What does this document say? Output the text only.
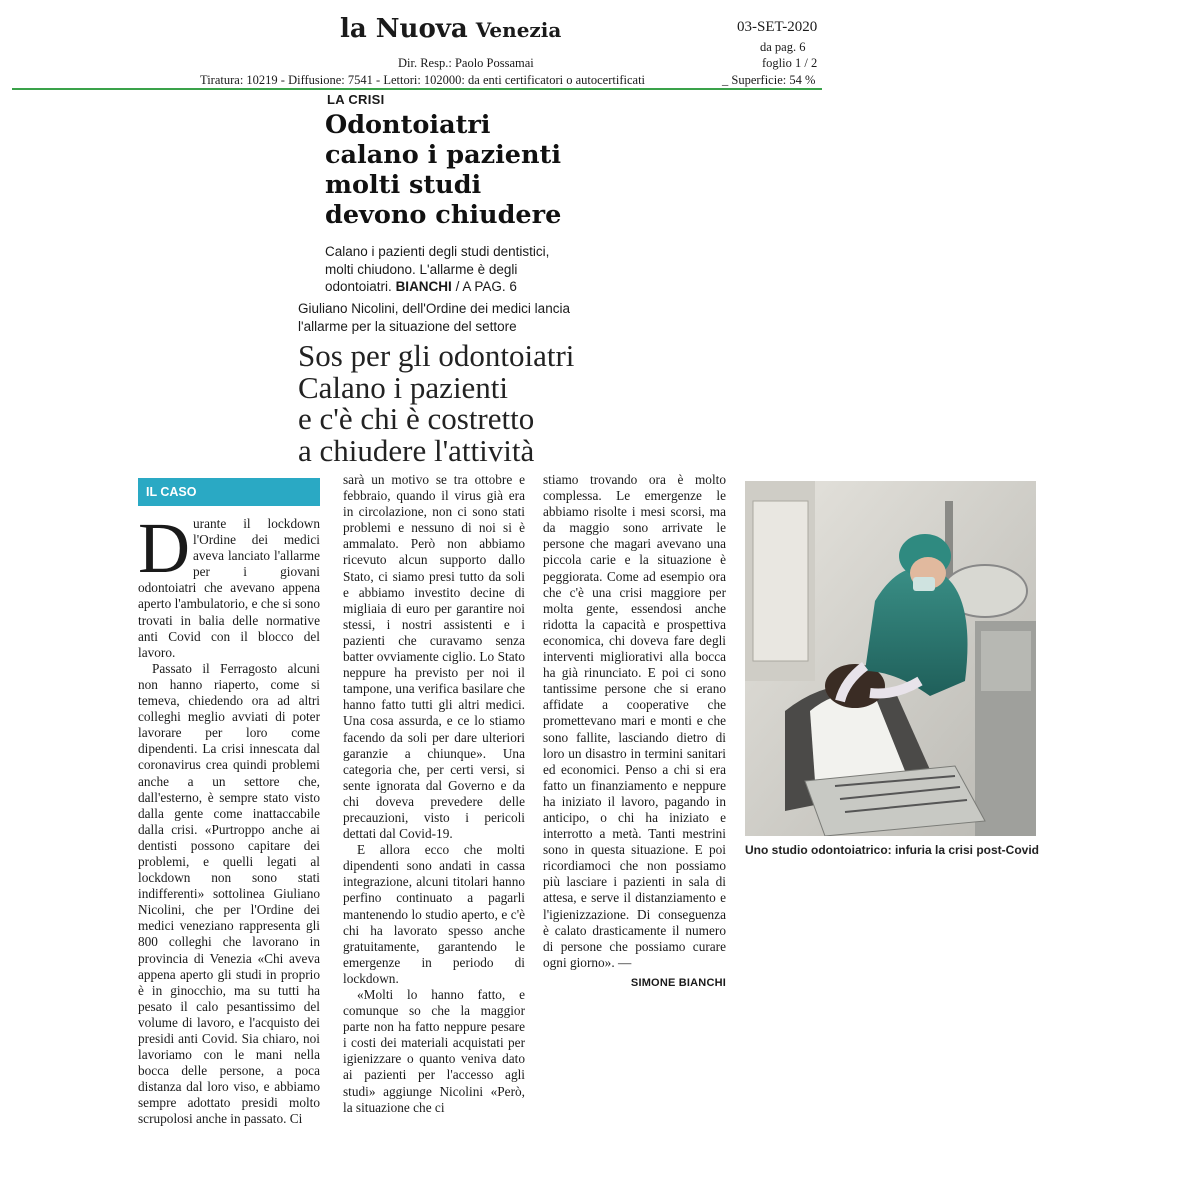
la Nuova Venezia	03-SET-2020
da pag. 6
foglio 1 / 2
Dir. Resp.: Paolo Possamai
Tiratura: 10219 - Diffusione: 7541 - Lettori: 102000: da enti certificatori o autocertificati	_ Superficie: 54 %
LA CRISI
Odontoiatri
calano i pazienti
molti studi
devono chiudere
Calano i pazienti degli studi dentistici, molti chiudono. L'allarme è degli odontoiatri. BIANCHI / A PAG. 6
Giuliano Nicolini, dell'Ordine dei medici lancia l'allarme per la situazione del settore
Sos per gli odontoiatri
Calano i pazienti
e c'è chi è costretto
a chiudere l'attività
IL CASO

Durante il lockdown l'Ordine dei medici aveva lanciato l'allarme per i giovani odontoiatri che avevano appena aperto l'ambulatorio, e che si sono trovati in balia delle normative anti Covid con il blocco del lavoro.

Passato il Ferragosto alcuni non hanno riaperto, come si temeva, chiedendo ora ad altri colleghi meglio avviati di poter lavorare per loro come dipendenti. La crisi innescata dal coronavirus crea quindi problemi anche a un settore che, dall'esterno, è sempre stato visto dalla gente come inattaccabile dalla crisi. «Purtroppo anche ai dentisti possono capitare dei problemi, e quelli legati al lockdown non sono stati indifferenti» sottolinea Giuliano Nicolini, che per l'Ordine dei medici veneziano rappresenta gli 800 colleghi che lavorano in provincia di Venezia «Chi aveva appena aperto gli studi in proprio è in ginocchio, ma su tutti ha pesato il calo pesantissimo del volume di lavoro, e l'acquisto dei presidi anti Covid. Sia chiaro, noi lavoriamo con le mani nella bocca delle persone, a poca distanza dal loro viso, e abbiamo sempre adottato presidi molto scrupolosi anche in passato. Ci

sarà un motivo se tra ottobre e febbraio, quando il virus già era in circolazione, non ci sono stati problemi e nessuno di noi si è ammalato. Però non abbiamo ricevuto alcun supporto dallo Stato, ci siamo presi tutto da soli e abbiamo investito decine di migliaia di euro per garantire noi stessi, i nostri assistenti e i pazienti che curavamo senza batter ovviamente ciglio. Lo Stato neppure ha previsto per noi il tampone, una verifica basilare che hanno fatto tutti gli altri medici. Una cosa assurda, e ce lo stiamo facendo da soli per dare ulteriori garanzie a chiunque». Una categoria che, per certi versi, si sente ignorata dal Governo e da chi doveva prevedere delle precauzioni, visto i pericoli dettati dal Covid-19.

E allora ecco che molti dipendenti sono andati in cassa integrazione, alcuni titolari hanno perfino continuato a pagarli mantenendo lo studio aperto, e c'è chi ha lavorato spesso anche gratuitamente, garantendo le emergenze in periodo di lockdown.

«Molti lo hanno fatto, e comunque so che la maggior parte non ha fatto neppure pesare i costi dei materiali acquistati per igienizzare o quanto veniva dato ai pazienti per l'accesso agli studi» aggiunge Nicolini «Però, la situazione che ci

stiamo trovando ora è molto complessa. Le emergenze le abbiamo risolte i mesi scorsi, ma da maggio sono arrivate le persone che magari avevano una piccola carie e la situazione è peggiorata. Come ad esempio ora che c'è una crisi maggiore per molta gente, essendosi anche ridotta la capacità e prospettiva economica, chi doveva fare degli interventi migliorativi alla bocca ha già rinunciato. E poi ci sono tantissime persone che si erano affidate a cooperative che promettevano mari e monti e che sono fallite, lasciando dietro di loro un disastro in termini sanitari ed economici. Penso a chi si era fatto un finanziamento e neppure ha iniziato il lavoro, pagando in anticipo, o chi ha iniziato e interrotto a metà. Tanti mestrini sono in questa situazione. E poi ricordiamoci che non possiamo più lasciare i pazienti in sala di attesa, e serve il distanziamento e l'igienizzazione. Di conseguenza è calato drasticamente il numero di persone che possiamo curare ogni giorno». —

SIMONE BIANCHI
Uno studio odontoiatrico: infuria la crisi post-Covid
